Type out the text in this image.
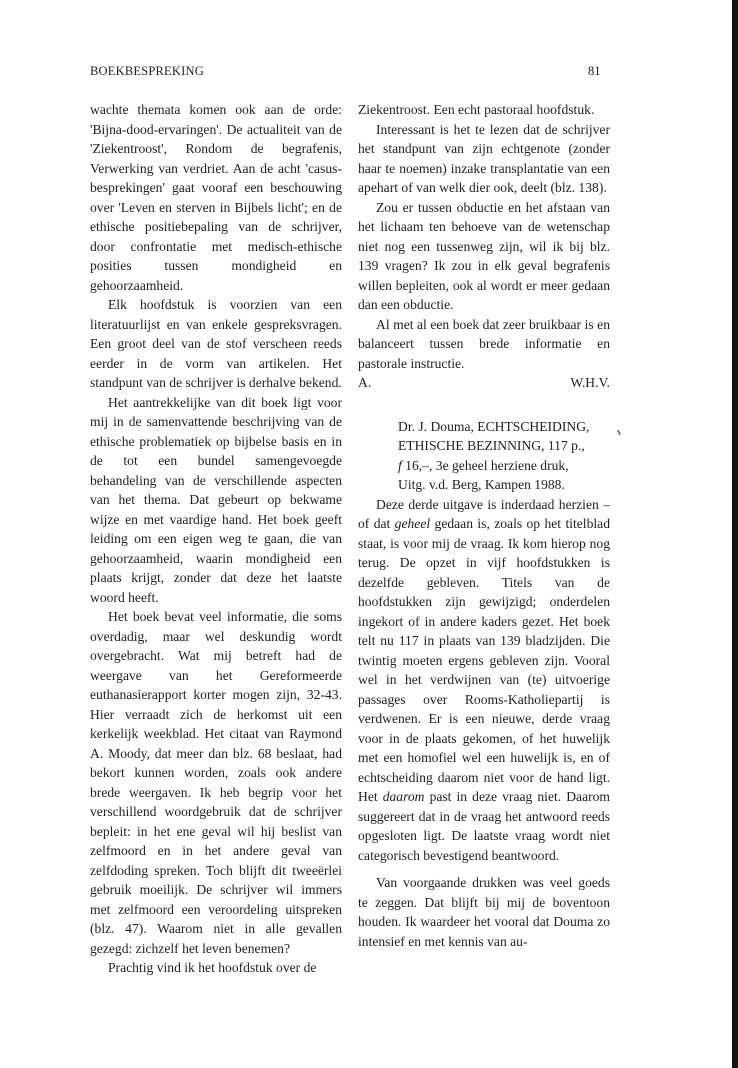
BOEKBESPREKING	81

wachte themata komen ook aan de orde: 'Bijna-dood-ervaringen'. De actualiteit van de 'Ziekentroost', Rondom de begrafenis, Verwerking van verdriet. Aan de acht 'casus-besprekingen' gaat vooraf een beschouwing over 'Leven en sterven in Bijbels licht'; en de ethische positiebepaling van de schrijver, door confrontatie met medisch-ethische posities tussen mondigheid en gehoorzaamheid.

Elk hoofdstuk is voorzien van een literatuurlijst en van enkele gespreksvragen. Een groot deel van de stof verscheen reeds eerder in de vorm van artikelen. Het standpunt van de schrijver is derhalve bekend.

Het aantrekkelijke van dit boek ligt voor mij in de samenvattende beschrijving van de ethische problematiek op bijbelse basis en in de tot een bundel samengevoegde behandeling van de verschillende aspecten van het thema. Dat gebeurt op bekwame wijze en met vaardige hand. Het boek geeft leiding om een eigen weg te gaan, die van gehoorzaamheid, waarin mondigheid een plaats krijgt, zonder dat deze het laatste woord heeft.

Het boek bevat veel informatie, die soms overdadig, maar wel deskundig wordt overgebracht. Wat mij betreft had de weergave van het Gereformeerde euthanasierapport korter mogen zijn, 32-43. Hier verraadt zich de herkomst uit een kerkelijk weekblad. Het citaat van Raymond A. Moody, dat meer dan blz. 68 beslaat, had bekort kunnen worden, zoals ook andere brede weergaven. Ik heb begrip voor het verschillend woordgebruik dat de schrijver bepleit: in het ene geval wil hij beslist van zelfmoord en in het andere geval van zelfdoding spreken. Toch blijft dit tweeërlei gebruik moeilijk. De schrijver wil immers met zelfmoord een veroordeling uitspreken (blz. 47). Waarom niet in alle gevallen gezegd: zichzelf het leven benemen?

Prachtig vind ik het hoofdstuk over de

Ziekentroost. Een echt pastoraal hoofdstuk.

Interessant is het te lezen dat de schrijver het standpunt van zijn echtgenote (zonder haar te noemen) inzake transplantatie van een apehart of van welk dier ook, deelt (blz. 138).

Zou er tussen obductie en het afstaan van het lichaam ten behoeve van de wetenschap niet nog een tussenweg zijn, wil ik bij blz. 139 vragen? Ik zou in elk geval begrafenis willen bepleiten, ook al wordt er meer gedaan dan een obductie.

Al met al een boek dat zeer bruikbaar is en balanceert tussen brede informatie en pastorale instructie.

A.	W.H.V.

Dr. J. Douma, ECHTSCHEIDING,

ETHISCHE BEZINNING, 117 p.,

f 16,–, 3e geheel herziene druk,

Uitg. v.d. Berg, Kampen 1988.

Deze derde uitgave is inderdaad herzien – of dat geheel gedaan is, zoals op het titelblad staat, is voor mij de vraag. Ik kom hierop nog terug. De opzet in vijf hoofdstukken is dezelfde gebleven. Titels van de hoofdstukken zijn gewijzigd; onderdelen ingekort of in andere kaders gezet. Het boek telt nu 117 in plaats van 139 bladzijden. Die twintig moeten ergens gebleven zijn. Vooral wel in het verdwijnen van (te) uitvoerige passages over Rooms-Katholiepartij is verdwenen. Er is een nieuwe, derde vraag voor in de plaats gekomen, of het huwelijk met een homofiel wel een huwelijk is, en of echtscheiding daarom niet voor de hand ligt. Het daarom past in deze vraag niet. Daarom suggereert dat in de vraag het antwoord reeds opgesloten ligt. De laatste vraag wordt niet categorisch bevestigend beantwoord.

Van voorgaande drukken was veel goeds te zeggen. Dat blijft bij mij de boventoon houden. Ik waardeer het vooral dat Douma zo intensief en met kennis van au-
